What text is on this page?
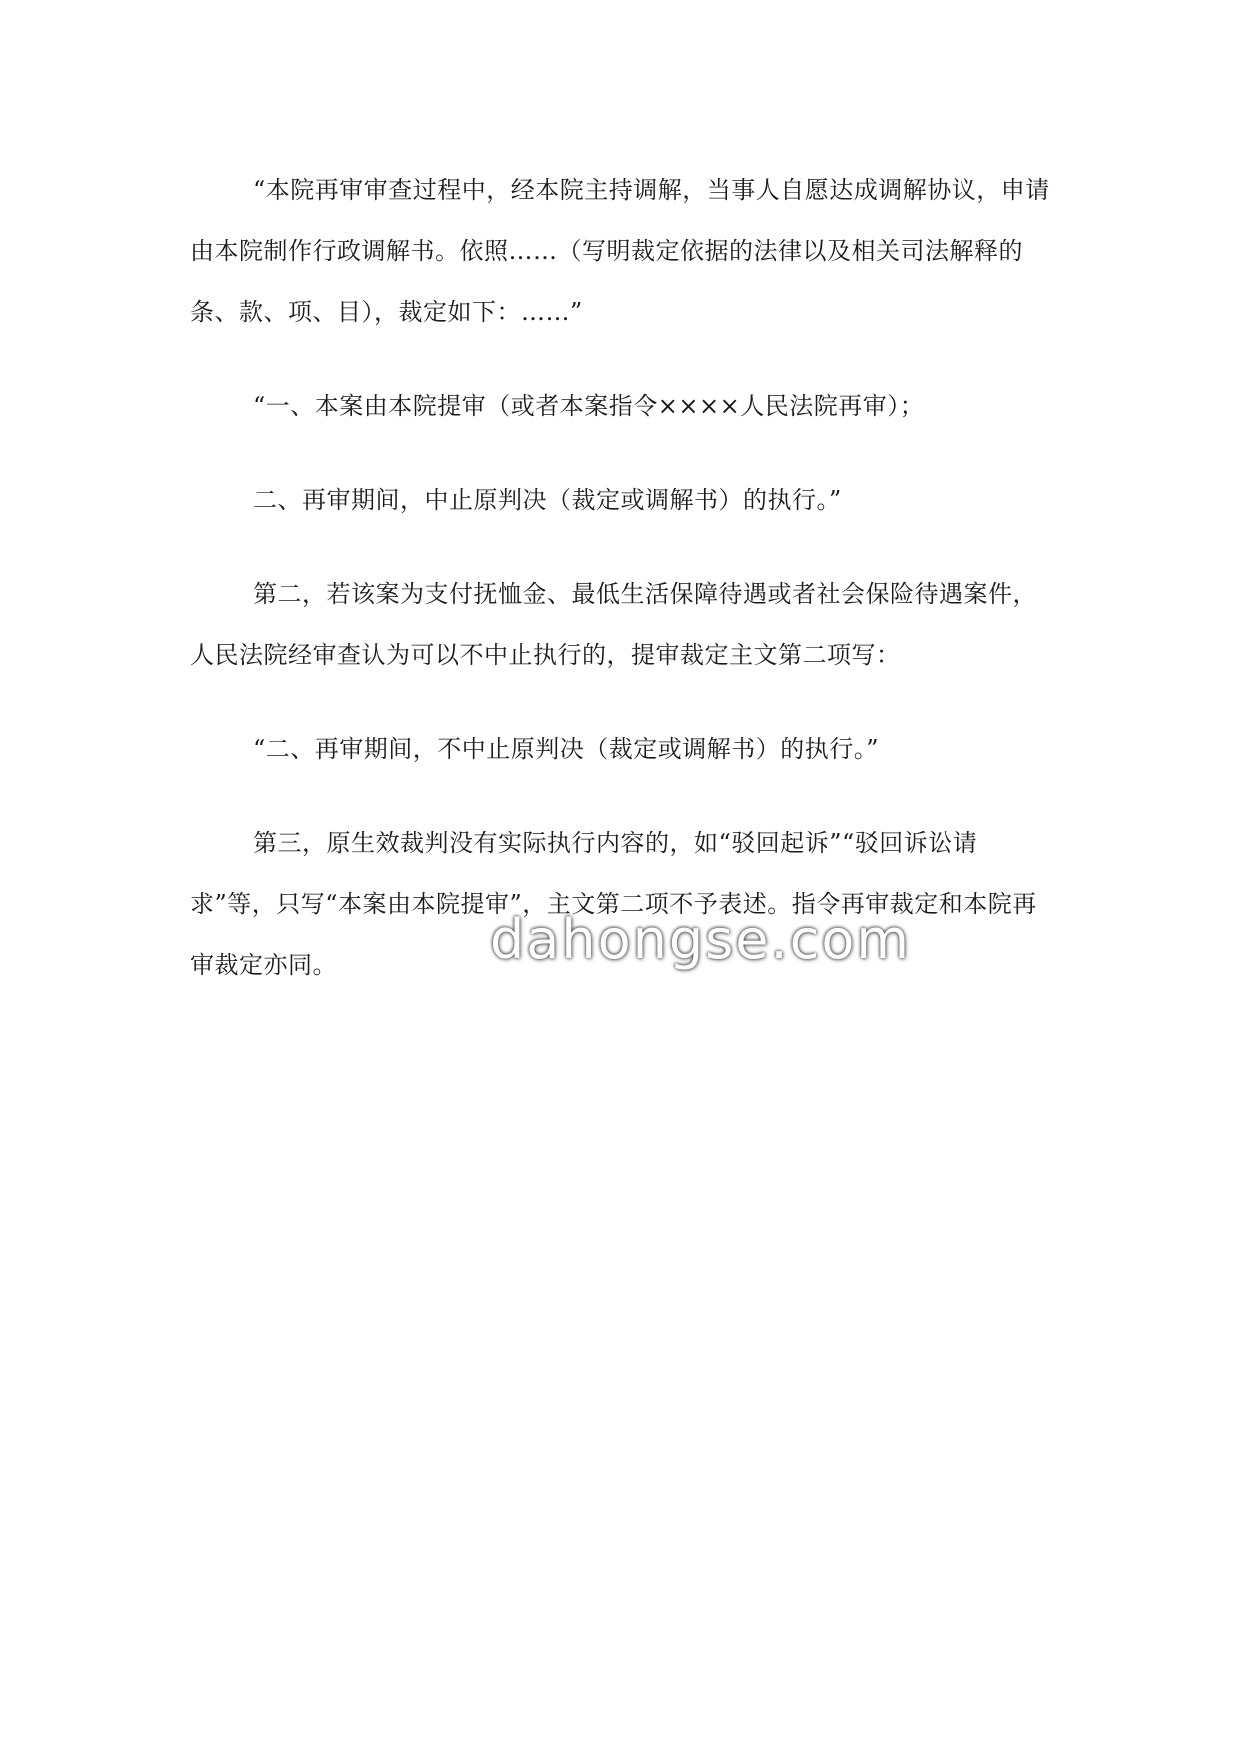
“本院再审审查过程中，经本院主持调解，当事人自愿达成调解协议，申请由本院制作行政调解书。依照……（写明裁定依据的法律以及相关司法解释的条、款、项、目），裁定如下：……”

“一、本案由本院提审（或者本案指令××××人民法院再审）；

二、再审期间，中止原判决（裁定或调解书）的执行。”

第二，若该案为支付抚恤金、最低生活保障待遇或者社会保险待遇案件，人民法院经审查认为可以不中止执行的，提审裁定主文第二项写：

“二、再审期间，不中止原判决（裁定或调解书）的执行。”

第三，原生效裁判没有实际执行内容的，如“驳回起诉”“驳回诉讼请求”等，只写“本案由本院提审”，主文第二项不予表述。指令再审裁定和本院再审裁定亦同。	dahongse.com
